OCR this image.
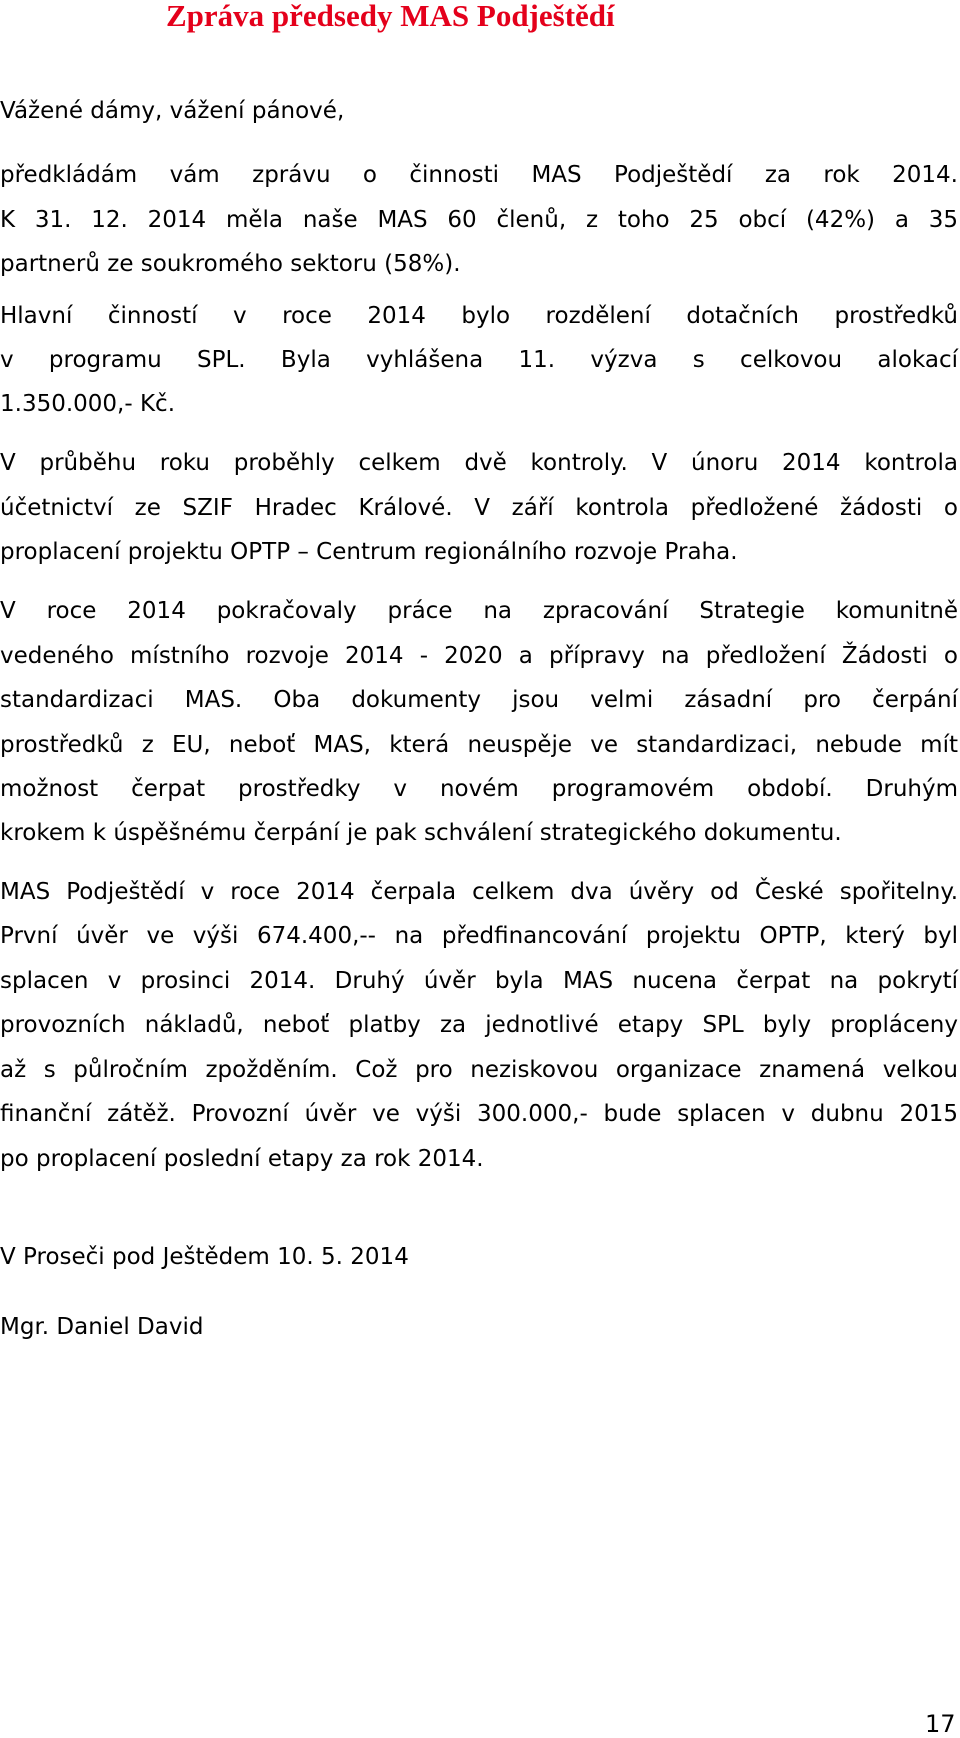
Zpráva předsedy MAS Podještědí
Vážené dámy, vážení pánové,
předkládám vám zprávu o činnosti MAS Podještědí za rok 2014.
K 31. 12. 2014 měla naše MAS 60 členů, z toho 25 obcí (42%) a 35
partnerů ze soukromého sektoru (58%).
Hlavní činností v roce 2014 bylo rozdělení dotačních prostředků
v programu SPL. Byla vyhlášena 11. výzva s celkovou alokací
1.350.000,- Kč.
V průběhu roku proběhly celkem dvě kontroly. V únoru 2014 kontrola
účetnictví ze SZIF Hradec Králové. V září kontrola předložené žádosti o
proplacení projektu OPTP – Centrum regionálního rozvoje Praha.
V roce 2014 pokračovaly práce na zpracování Strategie komunitně
vedeného místního rozvoje 2014 - 2020 a přípravy na předložení Žádosti o
standardizaci MAS. Oba dokumenty jsou velmi zásadní pro čerpání
prostředků z EU, neboť MAS, která neuspěje ve standardizaci, nebude mít
možnost čerpat prostředky v novém programovém období. Druhým
krokem k úspěšnému čerpání je pak schválení strategického dokumentu.
MAS Podještědí v roce 2014 čerpala celkem dva úvěry od České spořitelny.
První úvěr ve výši 674.400,-- na předfinancování projektu OPTP, který byl
splacen v prosinci 2014. Druhý úvěr byla MAS nucena čerpat na pokrytí
provozních nákladů, neboť platby za jednotlivé etapy SPL byly propláceny
až s půlročním zpožděním. Což pro neziskovou organizace znamená velkou
finanční zátěž. Provozní úvěr ve výši 300.000,- bude splacen v dubnu 2015
po proplacení poslední etapy za rok 2014.
V Proseči pod Ještědem 10. 5. 2014
Mgr. Daniel David
17
